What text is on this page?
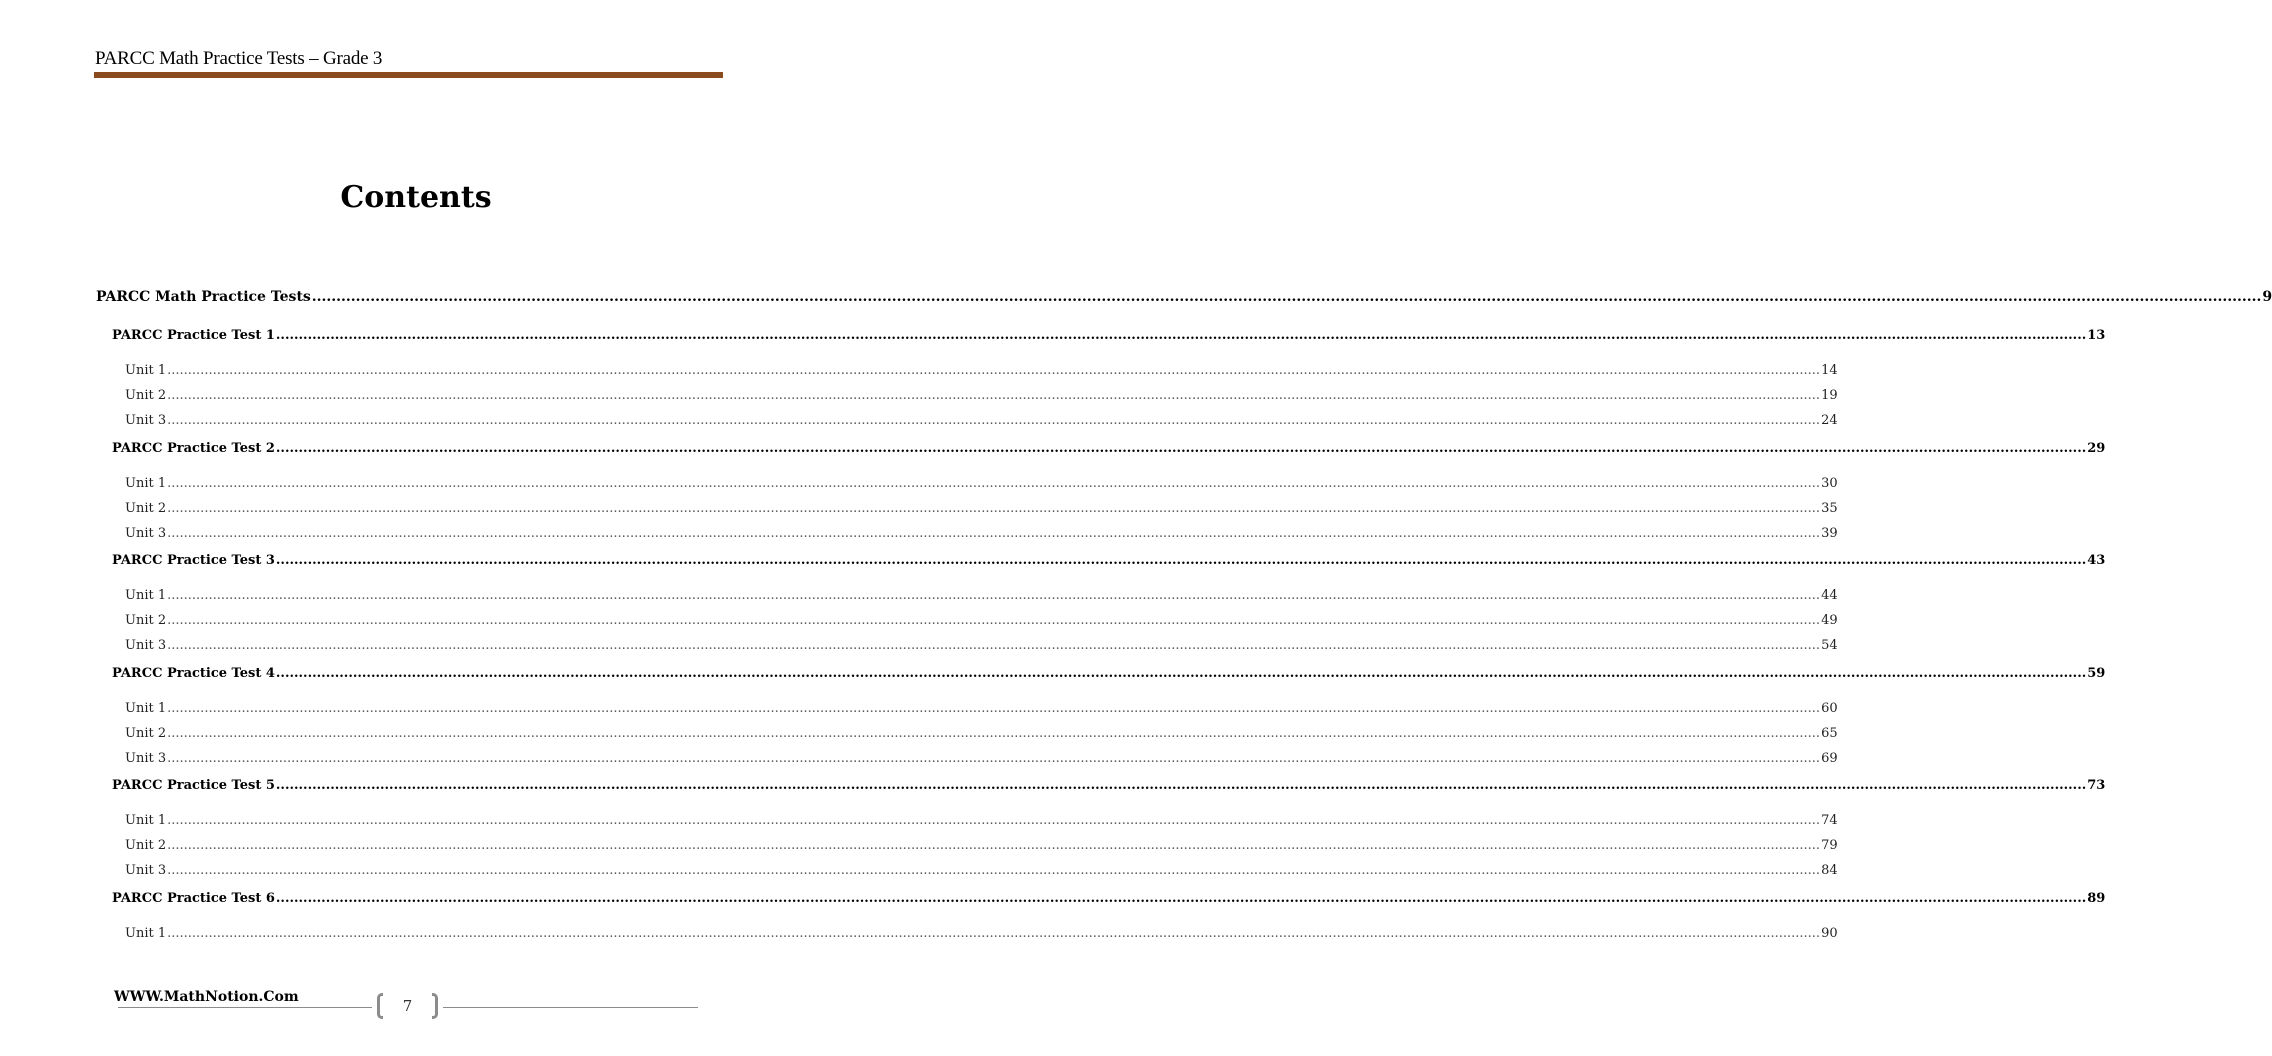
PARCC Math Practice Tests – Grade 3
Contents
PARCC Math Practice Tests ................................................................................................................................................................................................................................................................................................................................................................................................................ 9
PARCC Practice Test 1 ................................................................................................................................................................................................................................................................................................................................................................................................................ 13
Unit 1 ................................................................................................................................................................................................................................................................................................................................................................................................................ 14
Unit 2 ................................................................................................................................................................................................................................................................................................................................................................................................................ 19
Unit 3 ................................................................................................................................................................................................................................................................................................................................................................................................................ 24
PARCC Practice Test 2 ................................................................................................................................................................................................................................................................................................................................................................................................................ 29
Unit 1 ................................................................................................................................................................................................................................................................................................................................................................................................................ 30
Unit 2 ................................................................................................................................................................................................................................................................................................................................................................................................................ 35
Unit 3 ................................................................................................................................................................................................................................................................................................................................................................................................................ 39
PARCC Practice Test 3 ................................................................................................................................................................................................................................................................................................................................................................................................................ 43
Unit 1 ................................................................................................................................................................................................................................................................................................................................................................................................................ 44
Unit 2 ................................................................................................................................................................................................................................................................................................................................................................................................................ 49
Unit 3 ................................................................................................................................................................................................................................................................................................................................................................................................................ 54
PARCC Practice Test 4 ................................................................................................................................................................................................................................................................................................................................................................................................................ 59
Unit 1 ................................................................................................................................................................................................................................................................................................................................................................................................................ 60
Unit 2 ................................................................................................................................................................................................................................................................................................................................................................................................................ 65
Unit 3 ................................................................................................................................................................................................................................................................................................................................................................................................................ 69
PARCC Practice Test 5 ................................................................................................................................................................................................................................................................................................................................................................................................................ 73
Unit 1 ................................................................................................................................................................................................................................................................................................................................................................................................................ 74
Unit 2 ................................................................................................................................................................................................................................................................................................................................................................................................................ 79
Unit 3 ................................................................................................................................................................................................................................................................................................................................................................................................................ 84
PARCC Practice Test 6 ................................................................................................................................................................................................................................................................................................................................................................................................................ 89
Unit 1 ................................................................................................................................................................................................................................................................................................................................................................................................................ 90
WWW.MathNotion.Com	7
